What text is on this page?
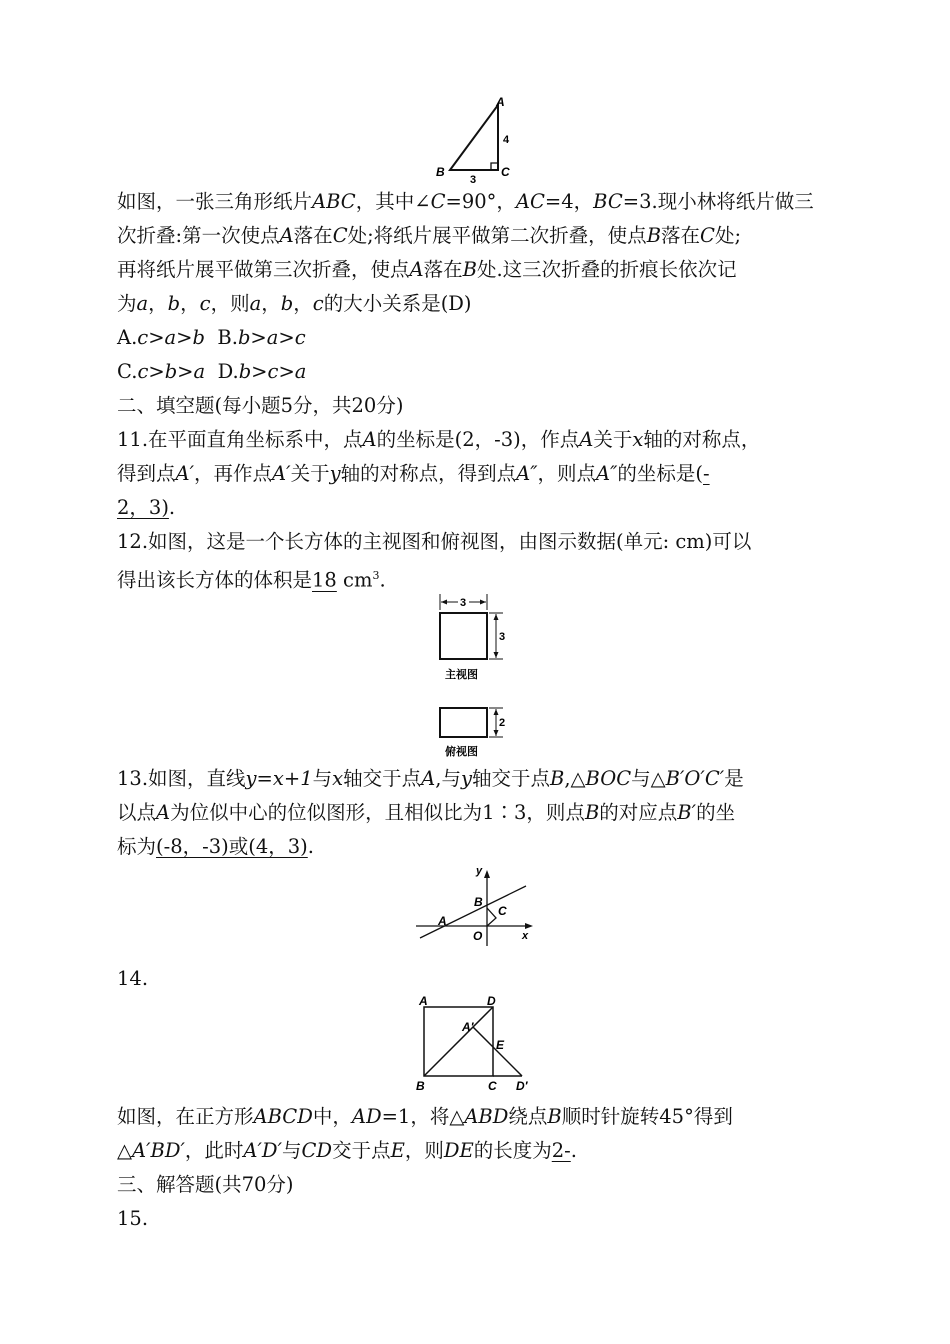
A
B	C
4
3
如图，一张三角形纸片ABC，其中∠C=90°，AC=4，BC=3.现小林将纸片做三
次折叠:第一次使点A落在C处;将纸片展平做第二次折叠，使点B落在C处;
再将纸片展平做第三次折叠，使点A落在B处.这三次折叠的折痕长依次记
为a，b，c，则a，b，c的大小关系是(D)
A.c>a>b B.b>a>c
C.c>b>a D.b>c>a
二、填空题(每小题5分，共20分)
11.在平面直角坐标系中，点A的坐标是(2，-3)，作点A关于x轴的对称点，
得到点A′，再作点A′关于y轴的对称点，得到点A″，则点A″的坐标是(-
2，3).
12.如图，这是一个长方体的主视图和俯视图，由图示数据(单元: cm)可以
得出该长方体的体积是18 $cm^3$.
3
3
主视图
2
俯视图
13.如图，直线y=x+1与x轴交于点A,与y轴交于点B,△BOC与△B′O′C′是
以点A为位似中心的位似图形，且相似比为1∶3，则点B的对应点B′的坐
标为(-8，-3)或(4，3).
y
x
A
B
C
O
14.
A	D
A′
E
B	C D′
如图，在正方形ABCD中，AD=1，将△ABD绕点B顺时针旋转45°得到
△A′BD′，此时A′D′与CD交于点E，则DE的长度为2-.
三、解答题(共70分)
15.
